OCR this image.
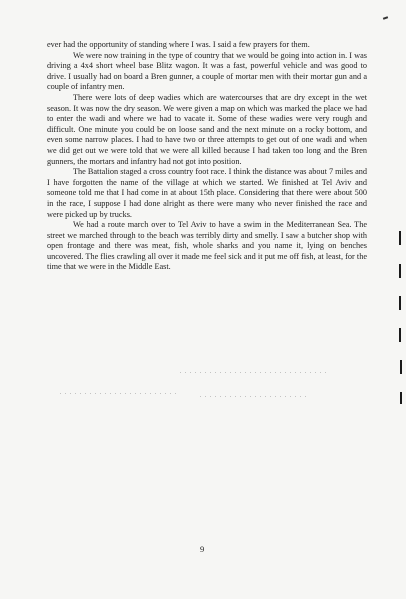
ever had the opportunity of standing where I was. I said a few prayers for them.

We were now training in the type of country that we would be going into action in. I was driving a 4x4 short wheel base Blitz wagon. It was a fast, powerful vehicle and was good to drive. I usually had on board a Bren gunner, a couple of mortar men with their mortar gun and a couple of infantry men.

There were lots of deep wadies which are watercourses that are dry except in the wet season. It was now the dry season. We were given a map on which was marked the place we had to enter the wadi and where we had to vacate it. Some of these wadies were very rough and difficult. One minute you could be on loose sand and the next minute on a rocky bottom, and even some narrow places. I had to have two or three attempts to get out of one wadi and when we did get out we were told that we were all killed because I had taken too long and the Bren gunners, the mortars and infantry had not got into position.

The Battalion staged a cross country foot race. I think the distance was about 7 miles and I have forgotten the name of the village at which we started. We finished at Tel Aviv and someone told me that I had come in at about 15th place. Considering that there were about 500 in the race, I suppose I had done alright as there were many who never finished the race and were picked up by trucks.

We had a route march over to Tel Aviv to have a swim in the Mediterranean Sea. The street we marched through to the beach was terribly dirty and smelly. I saw a butcher shop with open frontage and there was meat, fish, whole sharks and you name it, lying on benches uncovered. The flies crawling all over it made me feel sick and it put me off fish, at least, for the time that we were in the Middle East.

9
